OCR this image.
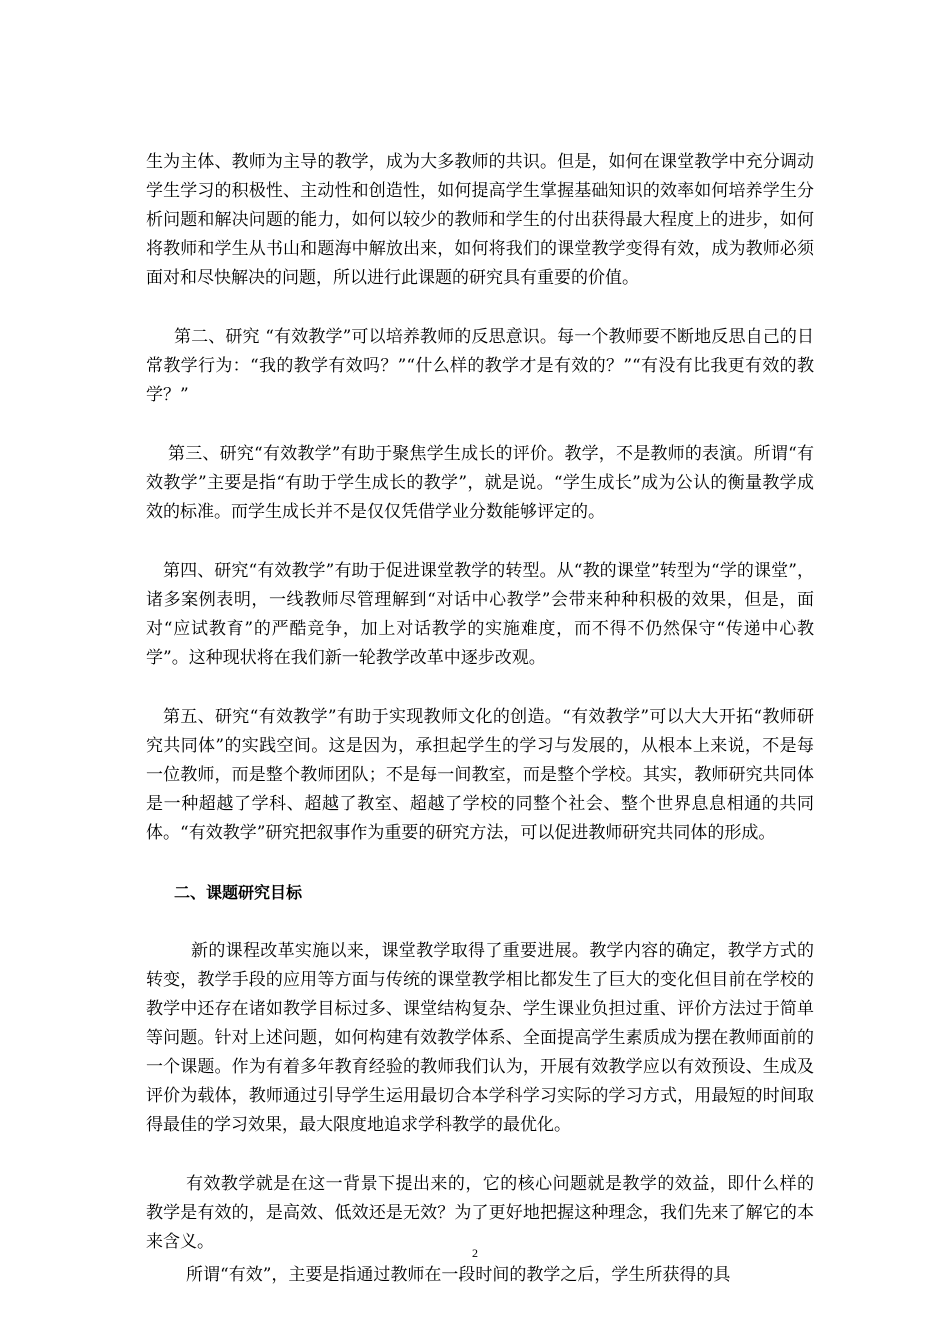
生为主体、教师为主导的教学，成为大多教师的共识。但是，如何在课堂教学中充分调动学生学习的积极性、主动性和创造性，如何提高学生掌握基础知识的效率如何培养学生分析问题和解决问题的能力，如何以较少的教师和学生的付出获得最大程度上的进步，如何将教师和学生从书山和题海中解放出来，如何将我们的课堂教学变得有效，成为教师必须面对和尽快解决的问题，所以进行此课题的研究具有重要的价值。

第二、研究 “有效教学”可以培养教师的反思意识。每一个教师要不断地反思自己的日常教学行为：“我的教学有效吗？”“什么样的教学才是有效的？”“有没有比我更有效的教学？”

第三、研究“有效教学”有助于聚焦学生成长的评价。教学，不是教师的表演。所谓“有效教学”主要是指“有助于学生成长的教学”，就是说。“学生成长”成为公认的衡量教学成效的标准。而学生成长并不是仅仅凭借学业分数能够评定的。

第四、研究“有效教学”有助于促进课堂教学的转型。从“教的课堂”转型为“学的课堂”，诸多案例表明，一线教师尽管理解到“对话中心教学”会带来种种积极的效果，但是，面对“应试教育”的严酷竞争，加上对话教学的实施难度，而不得不仍然保守“传递中心教学”。这种现状将在我们新一轮教学改革中逐步改观。

第五、研究“有效教学”有助于实现教师文化的创造。“有效教学”可以大大开拓“教师研究共同体”的实践空间。这是因为，承担起学生的学习与发展的，从根本上来说，不是每一位教师，而是整个教师团队；不是每一间教室，而是整个学校。其实，教师研究共同体是一种超越了学科、超越了教室、超越了学校的同整个社会、整个世界息息相通的共同体。“有效教学”研究把叙事作为重要的研究方法，可以促进教师研究共同体的形成。

二、课题研究目标

新的课程改革实施以来，课堂教学取得了重要进展。教学内容的确定，教学方式的转变，教学手段的应用等方面与传统的课堂教学相比都发生了巨大的变化但目前在学校的教学中还存在诸如教学目标过多、课堂结构复杂、学生课业负担过重、评价方法过于简单等问题。针对上述问题，如何构建有效教学体系、全面提高学生素质成为摆在教师面前的一个课题。作为有着多年教育经验的教师我们认为，开展有效教学应以有效预设、生成及评价为载体，教师通过引导学生运用最切合本学科学习实际的学习方式，用最短的时间取得最佳的学习效果，最大限度地追求学科教学的最优化。

有效教学就是在这一背景下提出来的，它的核心问题就是教学的效益，即什么样的教学是有效的，是高效、低效还是无效？为了更好地把握这种理念，我们先来了解它的本来含义。

所谓“有效”，主要是指通过教师在一段时间的教学之后，学生所获得的具

2
